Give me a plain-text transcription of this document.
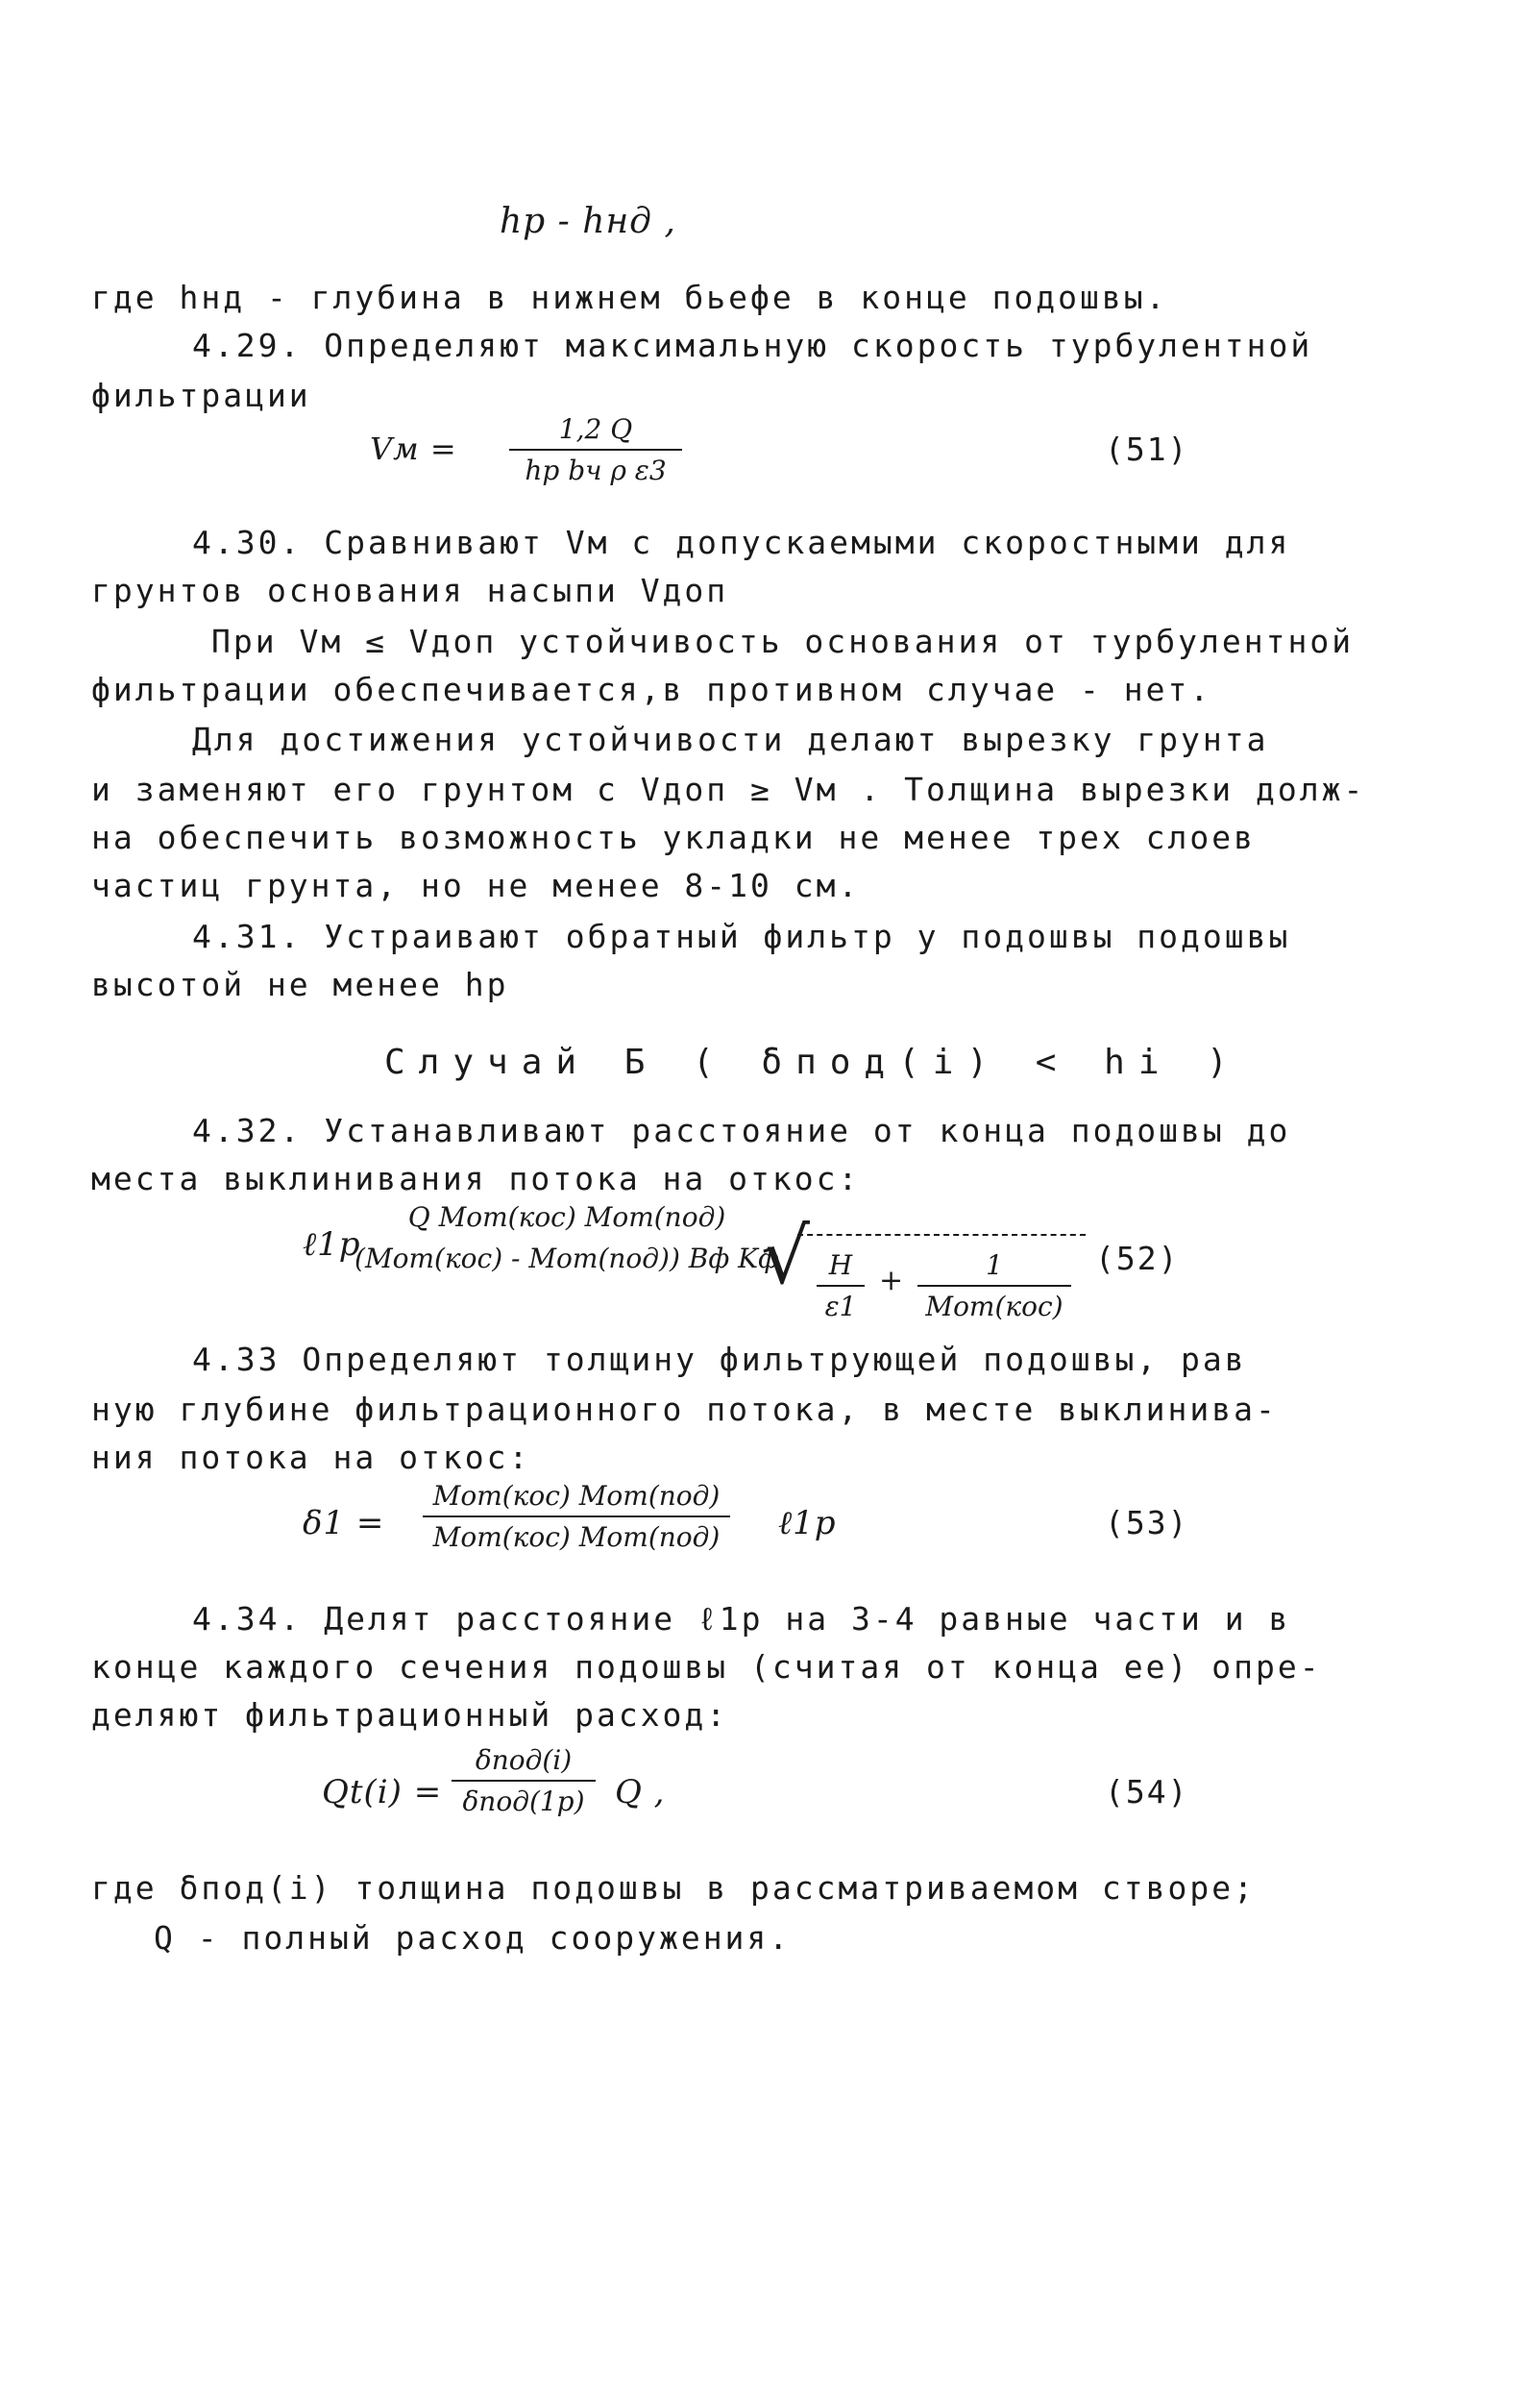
hр - hнд ,
где hнд - глубина в нижнем бьефе в конце подошвы.
4.29. Определяют максимальную скорость турбулентной
фильтрации
Vм =
1,2 Q
hр bч ρ ε3
(51)
4.30. Сравнивают Vм с допускаемыми скоростными для
грунтов основания насыпи Vдоп
При Vм ≤ Vдоп устойчивость основания от турбулентной
фильтрации обеспечивается,в противном случае - нет.
Для достижения устойчивости делают вырезку грунта
и заменяют его грунтом с Vдоп ≥ Vм . Толщина вырезки долж-
на обеспечить возможность укладки не менее трех слоев
частиц грунта, но не менее 8-10 см.
4.31. Устраивают обратный фильтр у подошвы подошвы
высотой не менее hр
Случай Б ( δпод(i) < hi )
4.32. Устанавливают расстояние от конца подошвы до
места выклинивания потока на откос:
ℓ1р
Q Mот(кос) Mот(под)
(Mот(кос) - Mот(под)) Bф Kф
√ H
ε1
+	1
Mот(кос)
(52)
4.33 Определяют толщину фильтрующей подошвы, рав
ную глубине фильтрационного потока, в месте выклинива-
ния потока на откос:
δ1 =
Mот(кос) Mот(под)
Mот(кос) Mот(под) ℓ1р	(53)
4.34. Делят расстояние ℓ1р на 3-4 равные части и в
конце каждого сечения подошвы (считая от конца ее) опре-
деляют фильтрационный расход:
Qt(i) =
δпод(i)
δпод(1р) Q ,	(54)
где δпод(i) толщина подошвы в рассматриваемом створе;
Q - полный расход сооружения.
